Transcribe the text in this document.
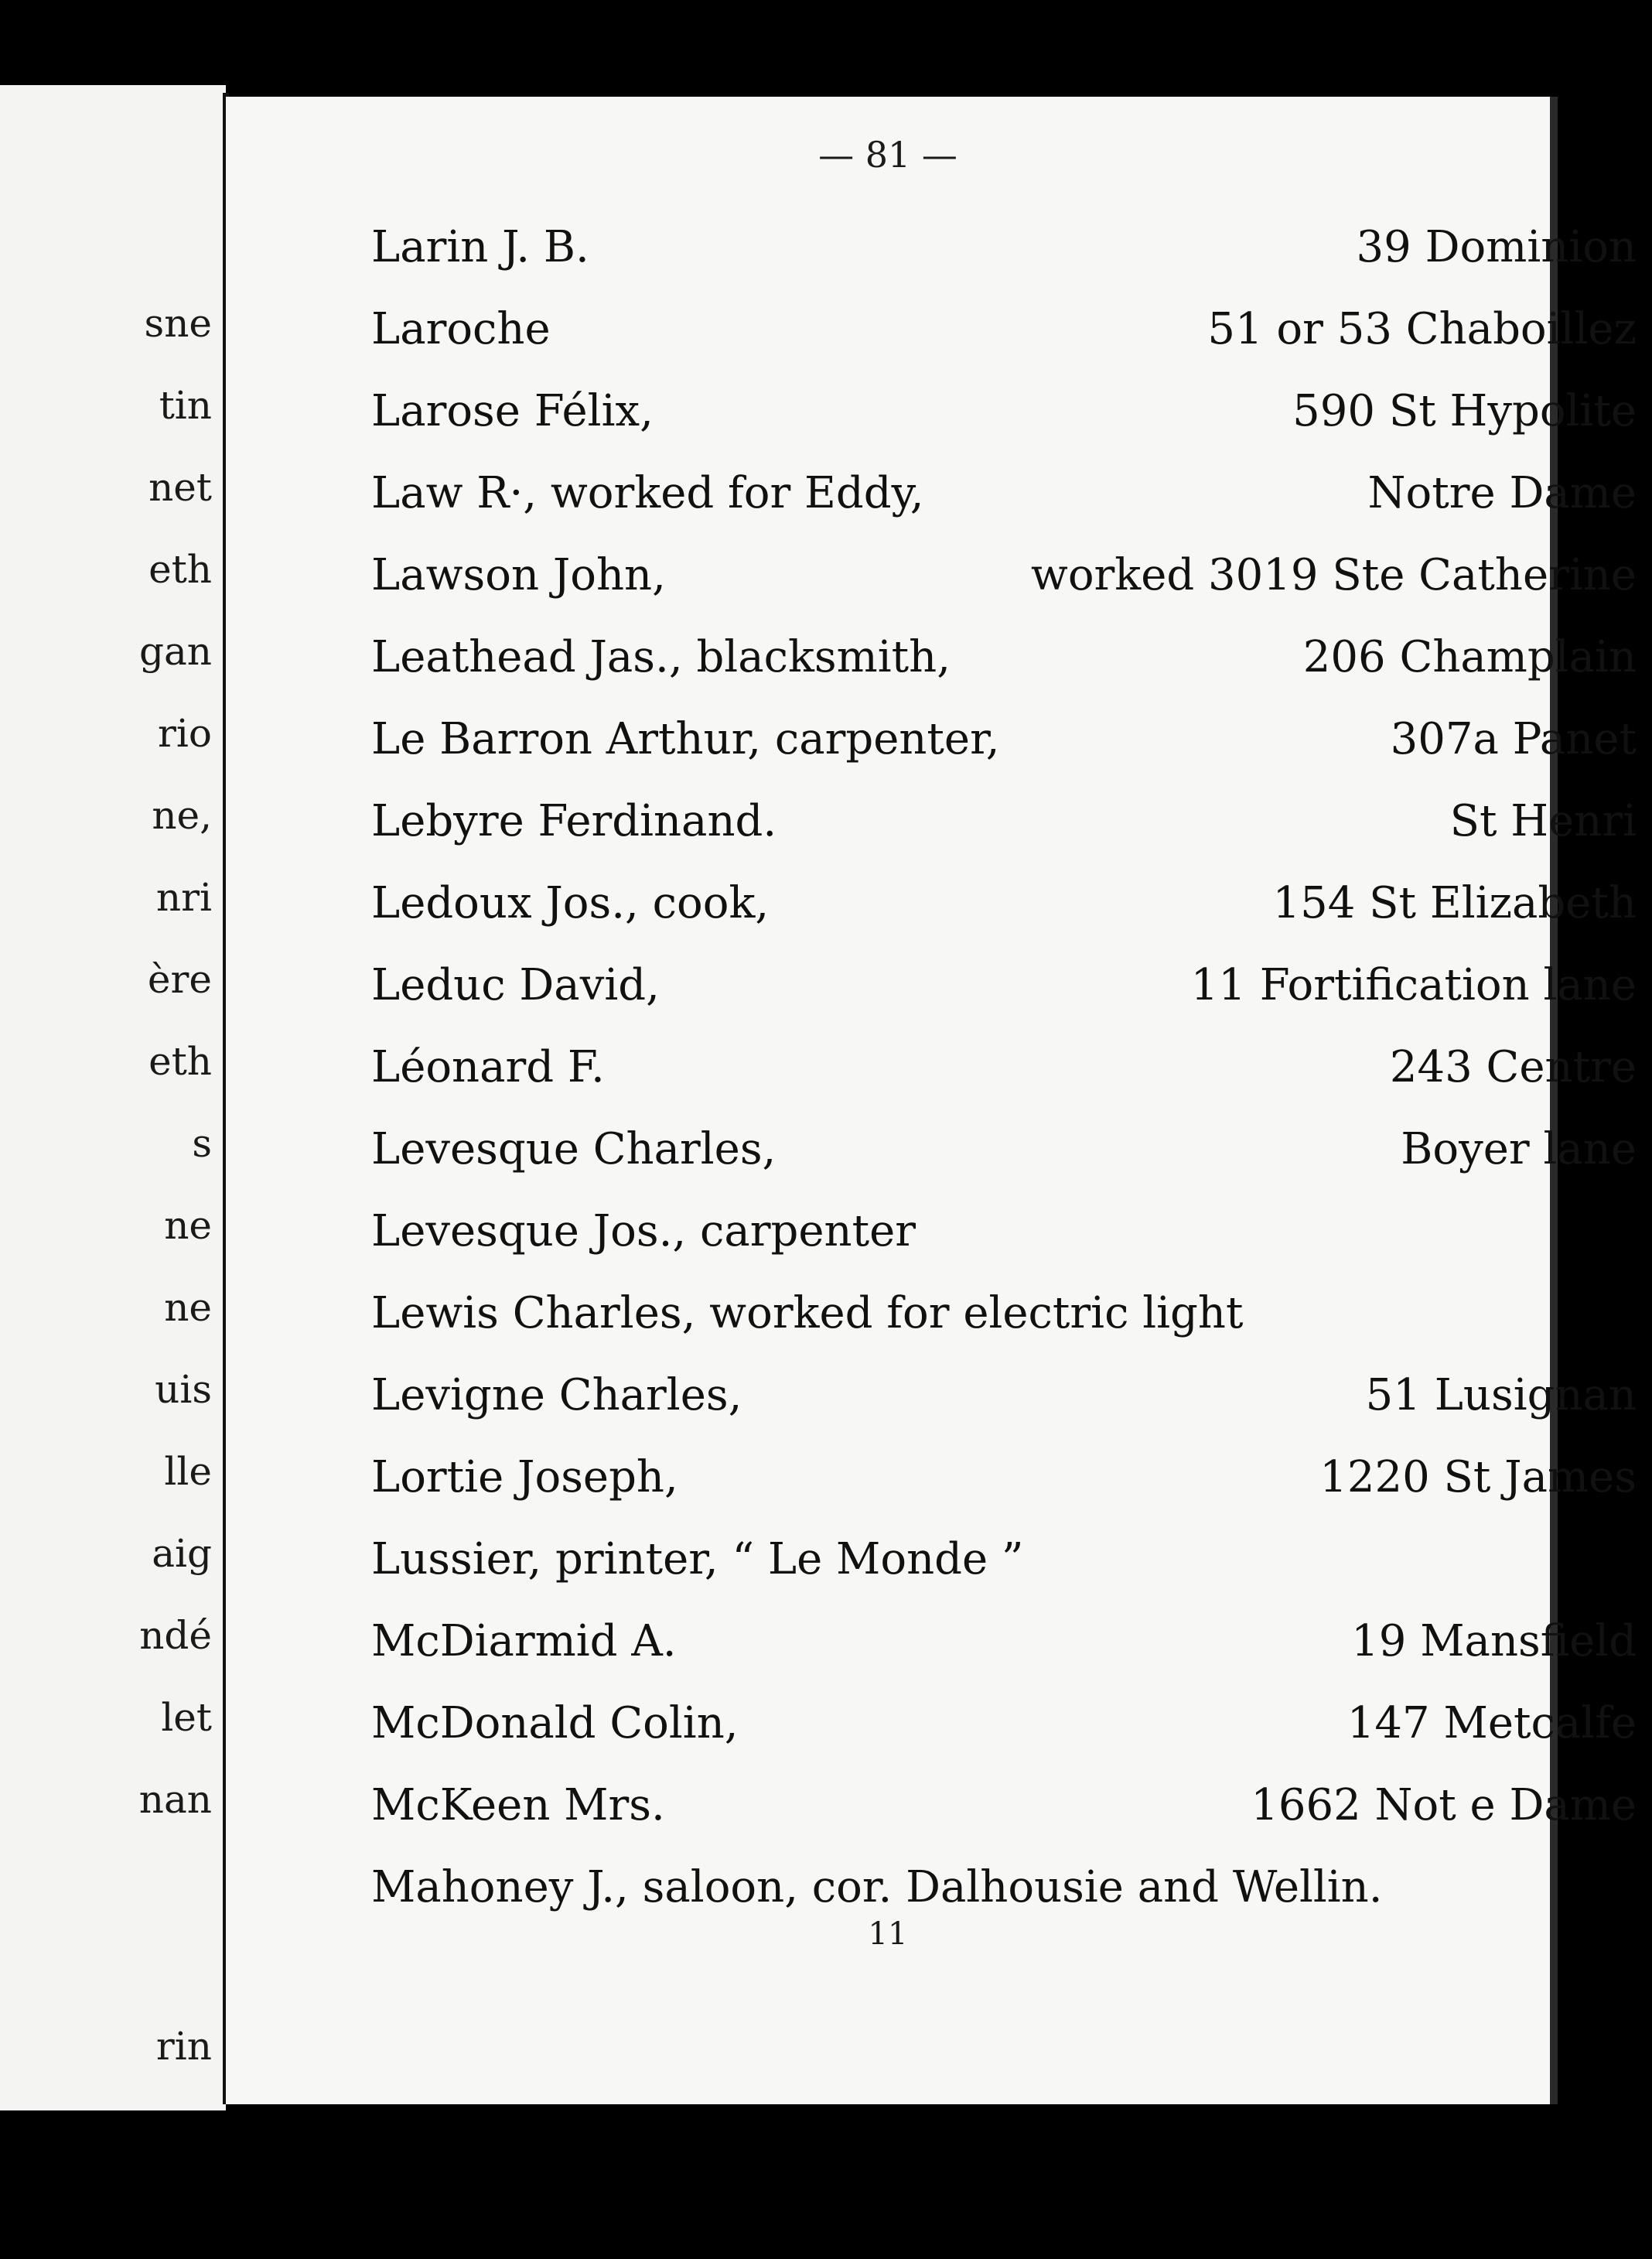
sne
tin
net
eth
gan
rio
ne,
nri
ère
eth
s
ne
ne
uis
lle
aig
ndé
let
nan
rin
— 81 —
Larin J. B.	39 Dominion
Laroche	51 or 53 Chaboillez
Larose Félix,	590 St Hypolite
Law R·, worked for Eddy,	Notre Dame
Lawson John,	worked 3019 Ste Catherine
Leathead Jas., blacksmith,	206 Champlain
Le Barron Arthur, carpenter,	307a Panet
Lebyre Ferdinand.	St Henri
Ledoux Jos., cook,	154 St Elizabeth
Leduc David,	11 Fortification lane
Léonard F.	243 Centre
Levesque Charles,	Boyer lane
Levesque Jos., carpenter
Lewis Charles, worked for electric light
Levigne Charles,	51 Lusignan
Lortie Joseph,	1220 St James
Lussier, printer, “ Le Monde ”
McDiarmid A.	19 Mansfield
McDonald Colin,	147 Metcalfe
McKeen Mrs.	1662 Not e Dame
Mahoney J., saloon, cor. Dalhousie and Wellin.
11
